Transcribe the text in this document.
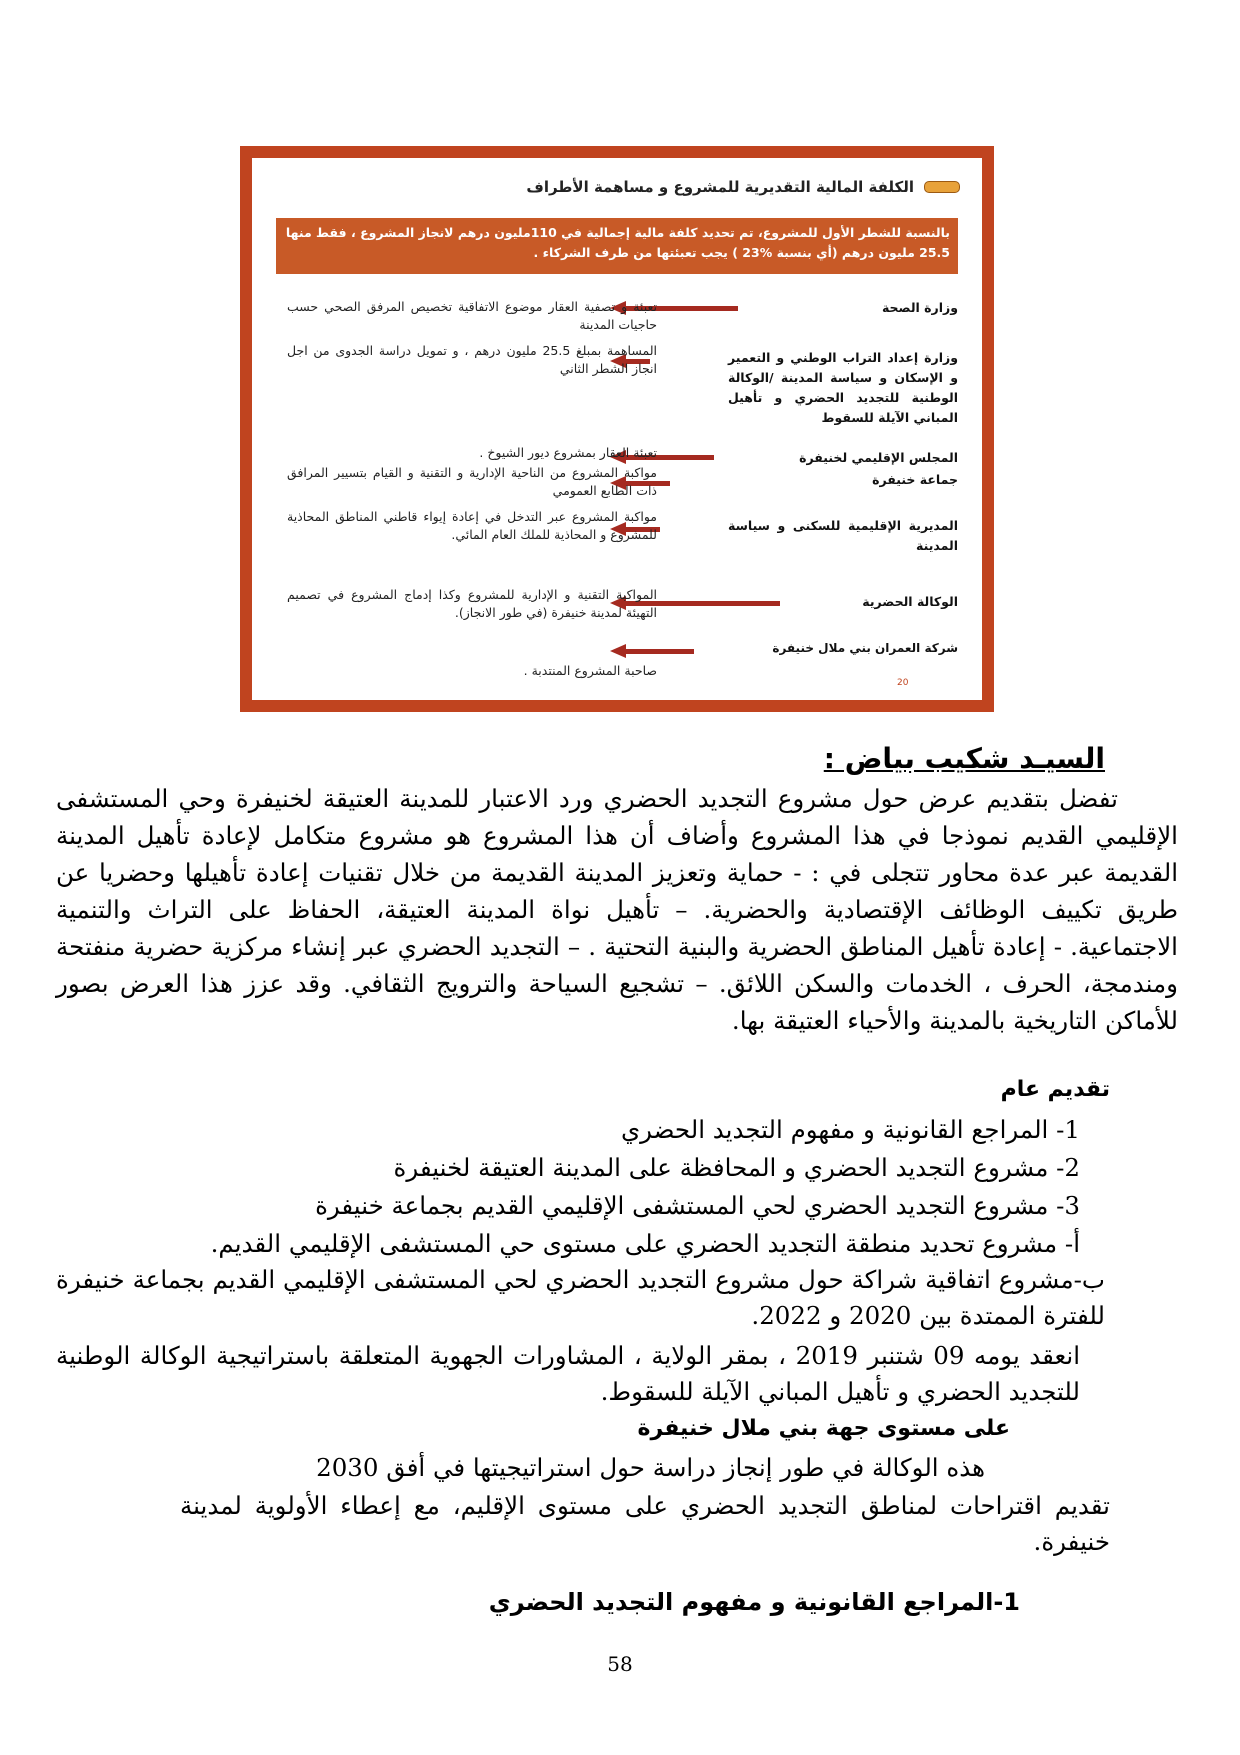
الكلفة المالية التقديرية للمشروع و مساهمة الأطراف
بالنسبة للشطر الأول للمشروع، تم تحديد كلفة مالية إجمالية في 110مليون درهم لانجاز المشروع ، فقط منها 25.5 مليون درهم (أي بنسبة %23 ) يجب تعبئتها من طرف الشركاء .
وزارة الصحة
تعبئة و تصفية العقار موضوع الاتفاقية تخصيص المرفق الصحي حسب حاجيات المدينة
وزارة إعداد التراب الوطني و التعمير و الإسكان و سياسة المدينة /الوكالة الوطنية للتجديد الحضري و تأهيل المباني الآيلة للسقوط
المساهمة بمبلغ 25.5 مليون درهم ، و تمويل دراسة الجدوى من اجل انجاز الشطر الثاني
المجلس الإقليمي لخنيفرة
تعبئة العقار بمشروع ديور الشيوخ .
جماعة خنيفرة
مواكبة المشروع من الناحية الإدارية و التقنية و القيام بتسيير المرافق ذات الطابع العمومي
المديرية الإقليمية للسكنى و سياسة المدينة
مواكبة المشروع عبر التدخل في إعادة إيواء قاطني المناطق المحاذية للمشروع و المحاذية للملك العام المائي.
الوكالة الحضرية
المواكبة التقنية و الإدارية للمشروع وكذا إدماج المشروع في تصميم التهيئة لمدينة خنيفرة (في طور الانجاز).
شركة العمران بني ملال خنيفرة
صاحبة المشروع المنتدبة .
20
السيـد شكيب بياض :
تفضل بتقديم عرض حول مشروع التجديد الحضري ورد الاعتبار للمدينة العتيقة لخنيفرة وحي المستشفى الإقليمي القديم نموذجا في هذا المشروع وأضاف أن هذا المشروع هو مشروع متكامل لإعادة تأهيل المدينة القديمة عبر عدة محاور تتجلى في : - حماية وتعزيز المدينة القديمة من خلال تقنيات إعادة تأهيلها وحضريا عن طريق تكييف الوظائف الإقتصادية والحضرية. – تأهيل نواة المدينة العتيقة، الحفاظ على التراث والتنمية الاجتماعية. - إعادة تأهيل المناطق الحضرية والبنية التحتية . – التجديد الحضري عبر إنشاء مركزية حضرية منفتحة ومندمجة، الحرف ، الخدمات والسكن اللائق. – تشجيع السياحة والترويج الثقافي. وقد عزز هذا العرض بصور للأماكن التاريخية بالمدينة والأحياء العتيقة بها.
تقديم عام
1- المراجع القانونية و مفهوم التجديد الحضري
2- مشروع التجديد الحضري و المحافظة على المدينة العتيقة لخنيفرة
3- مشروع التجديد الحضري لحي المستشفى الإقليمي القديم بجماعة خنيفرة
أ- مشروع تحديد منطقة التجديد الحضري على مستوى حي المستشفى الإقليمي القديم.
ب-مشروع اتفاقية شراكة حول مشروع التجديد الحضري لحي المستشفى الإقليمي القديم بجماعة خنيفرة للفترة الممتدة بين 2020 و 2022.
انعقد يومه 09 شتنبر 2019 ، بمقر الولاية ، المشاورات الجهوية المتعلقة باستراتيجية الوكالة الوطنية للتجديد الحضري و تأهيل المباني الآيلة للسقوط.
على مستوى جهة بني ملال خنيفرة
هذه الوكالة في طور إنجاز دراسة حول استراتيجيتها في أفق 2030
تقديم اقتراحات لمناطق التجديد الحضري على مستوى الإقليم، مع إعطاء الأولوية لمدينة خنيفرة.
1-المراجع القانونية و مفهوم التجديد الحضري
58
